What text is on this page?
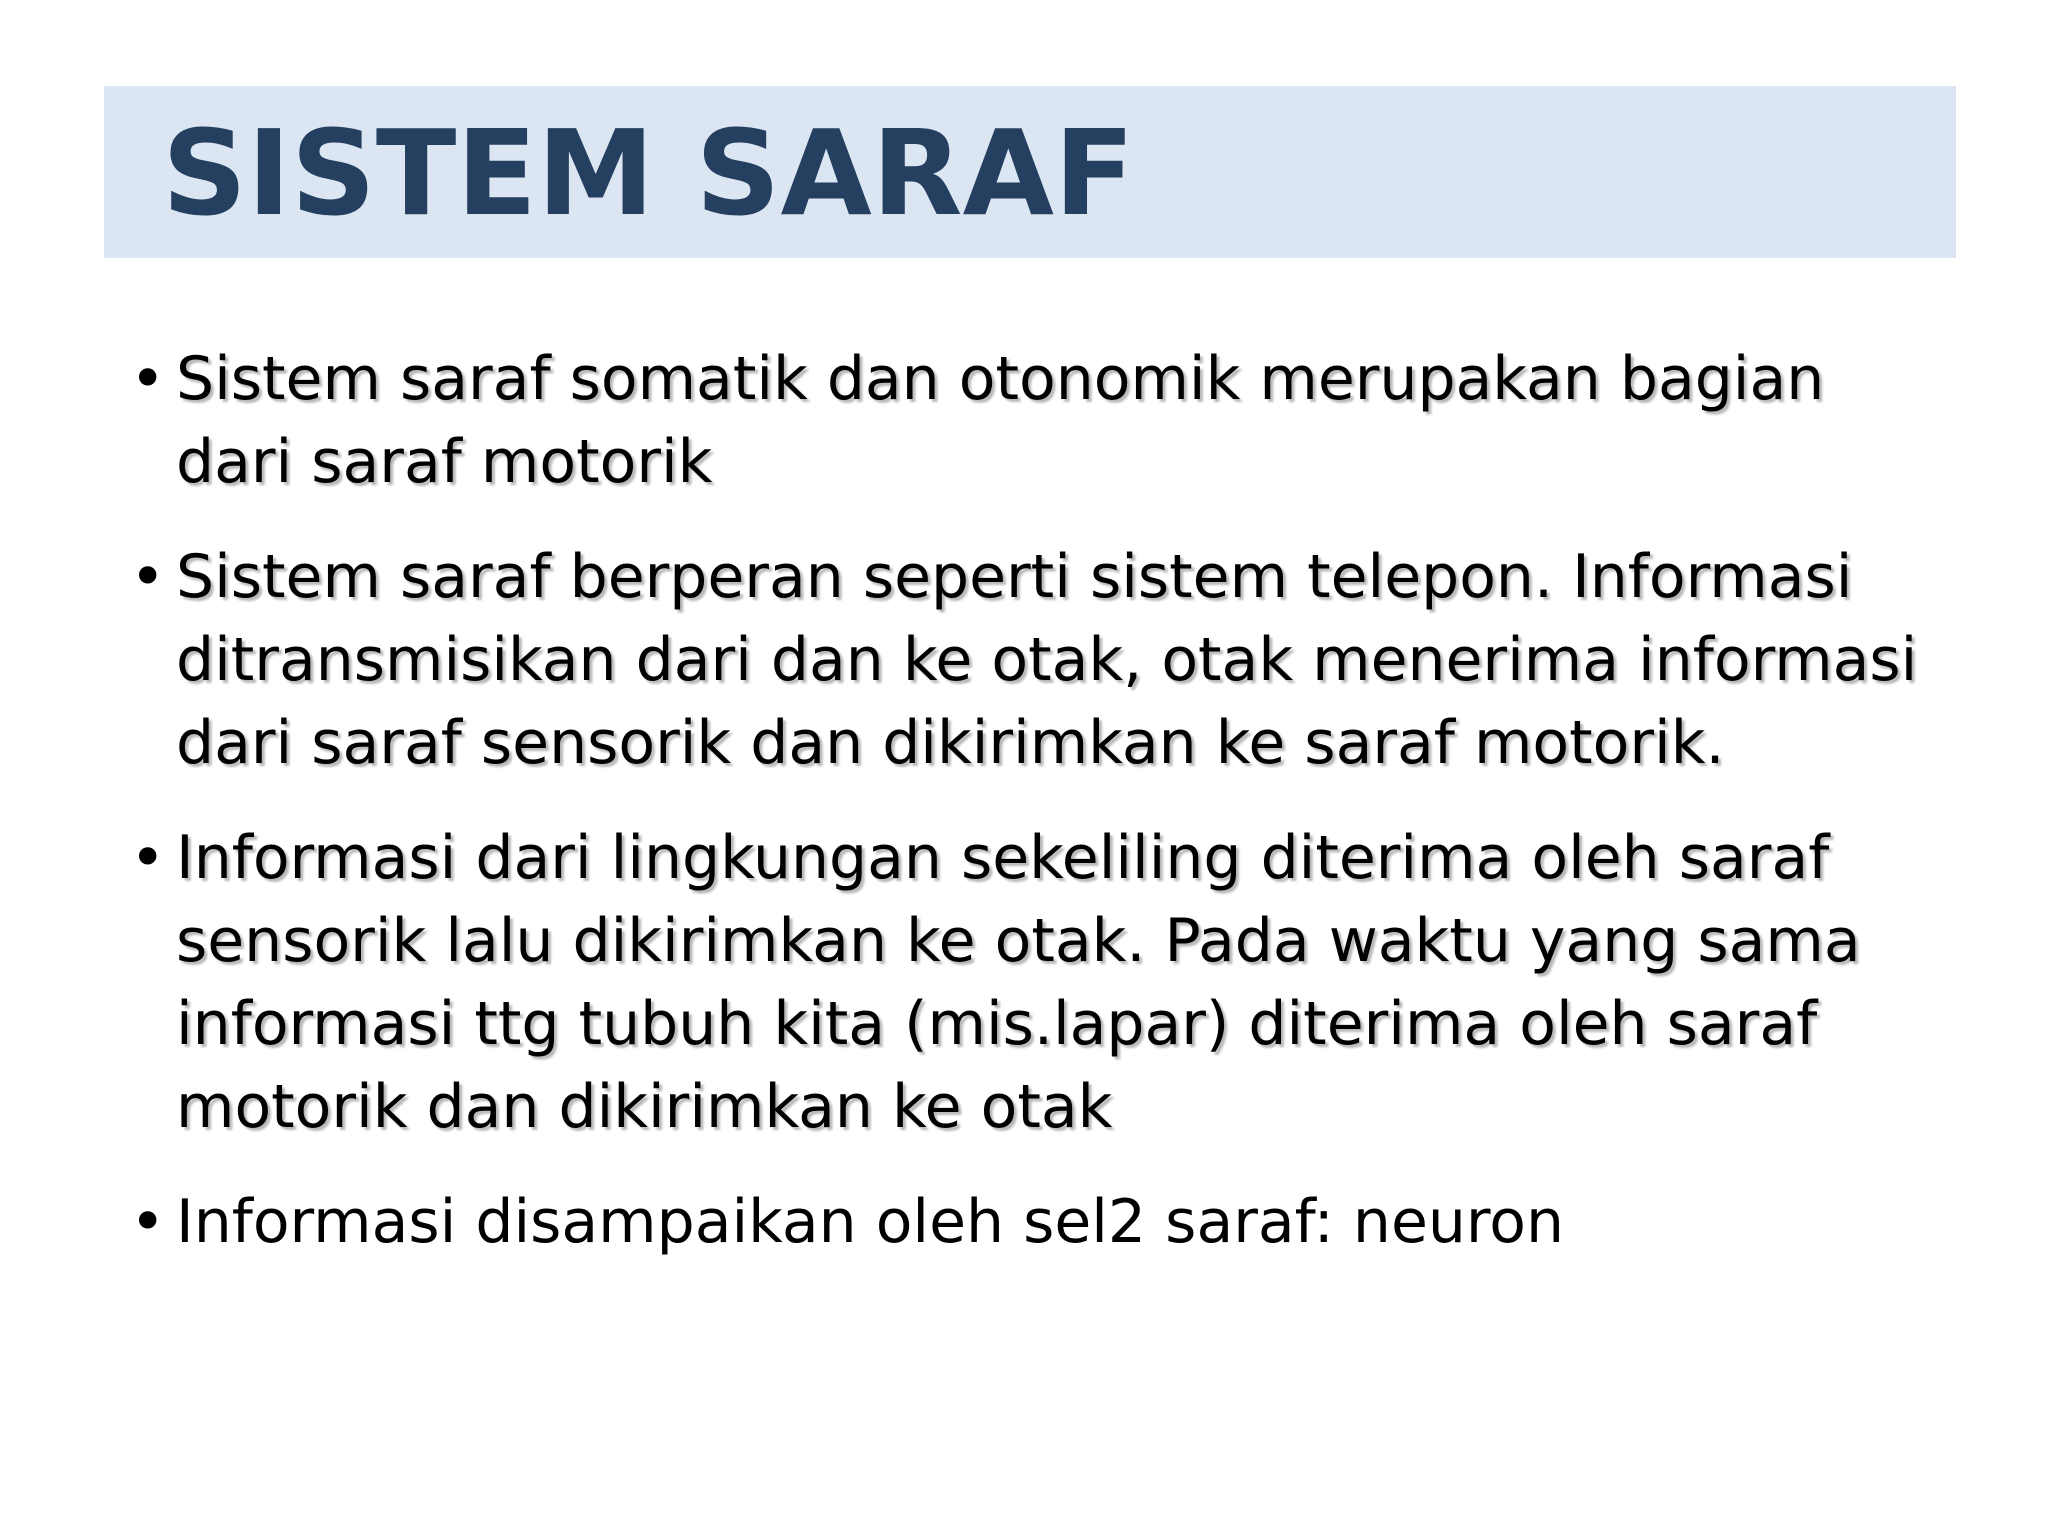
SISTEM SARAF
• Sistem saraf somatik dan otonomik merupakan bagian dari saraf motorik
• Sistem saraf berperan seperti sistem telepon. Informasi ditransmisikan dari dan ke otak, otak menerima informasi dari saraf sensorik dan dikirimkan ke saraf motorik.
• Informasi dari lingkungan sekeliling diterima oleh saraf sensorik lalu dikirimkan ke otak. Pada waktu yang sama informasi ttg tubuh kita (mis.lapar) diterima oleh saraf motorik dan dikirimkan ke otak
• Informasi disampaikan oleh sel2 saraf: neuron
